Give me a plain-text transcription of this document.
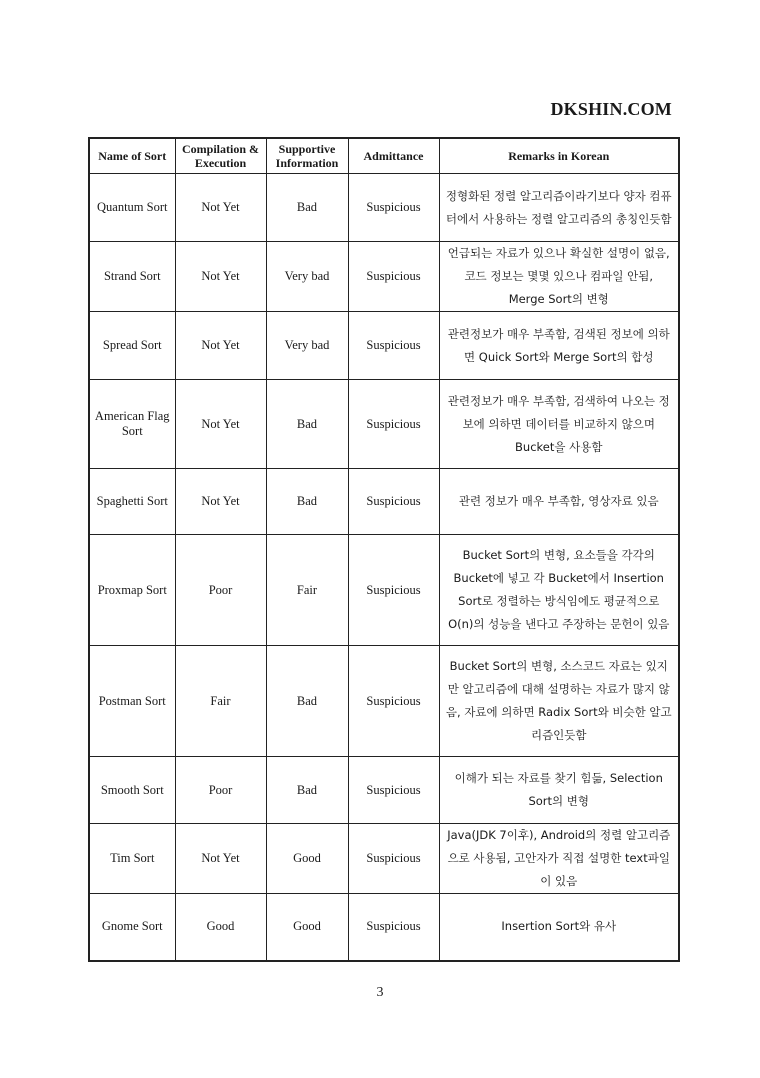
DKSHIN.COM
Name of Sort	Compilation & Execution	Supportive Information	Admittance	Remarks in Korean
Quantum Sort	Not Yet	Bad	Suspicious	정형화된 정렬 알고리즘이라기보다 양자 컴퓨터에서 사용하는 정렬 알고리즘의 총칭인듯함
Strand Sort	Not Yet	Very bad	Suspicious	언급되는 자료가 있으나 확실한 설명이 없음, 코드 정보는 몇몇 있으나 컴파일 안됨, Merge Sort의 변형
Spread Sort	Not Yet	Very bad	Suspicious	관련정보가 매우 부족함, 검색된 정보에 의하면 Quick Sort와 Merge Sort의 합성
American Flag Sort	Not Yet	Bad	Suspicious	관련정보가 매우 부족함, 검색하여 나오는 정보에 의하면 데이터를 비교하지 않으며 Bucket을 사용함
Spaghetti Sort	Not Yet	Bad	Suspicious	관련 정보가 매우 부족함, 영상자료 있음
Proxmap Sort	Poor	Fair	Suspicious	Bucket Sort의 변형, 요소들을 각각의 Bucket에 넣고 각 Bucket에서 Insertion Sort로 정렬하는 방식임에도 평균적으로 O(n)의 성능을 낸다고 주장하는 문헌이 있음
Postman Sort	Fair	Bad	Suspicious	Bucket Sort의 변형, 소스코드 자료는 있지만 알고리즘에 대해 설명하는 자료가 많지 않음, 자료에 의하면 Radix Sort와 비슷한 알고리즘인듯함
Smooth Sort	Poor	Bad	Suspicious	이해가 되는 자료를 찾기 힘듦, Selection Sort의 변형
Tim Sort	Not Yet	Good	Suspicious	Java(JDK 7이후), Android의 정렬 알고리즘으로 사용됨, 고안자가 직접 설명한 text파일이 있음
Gnome Sort	Good	Good	Suspicious	Insertion Sort와 유사
3
